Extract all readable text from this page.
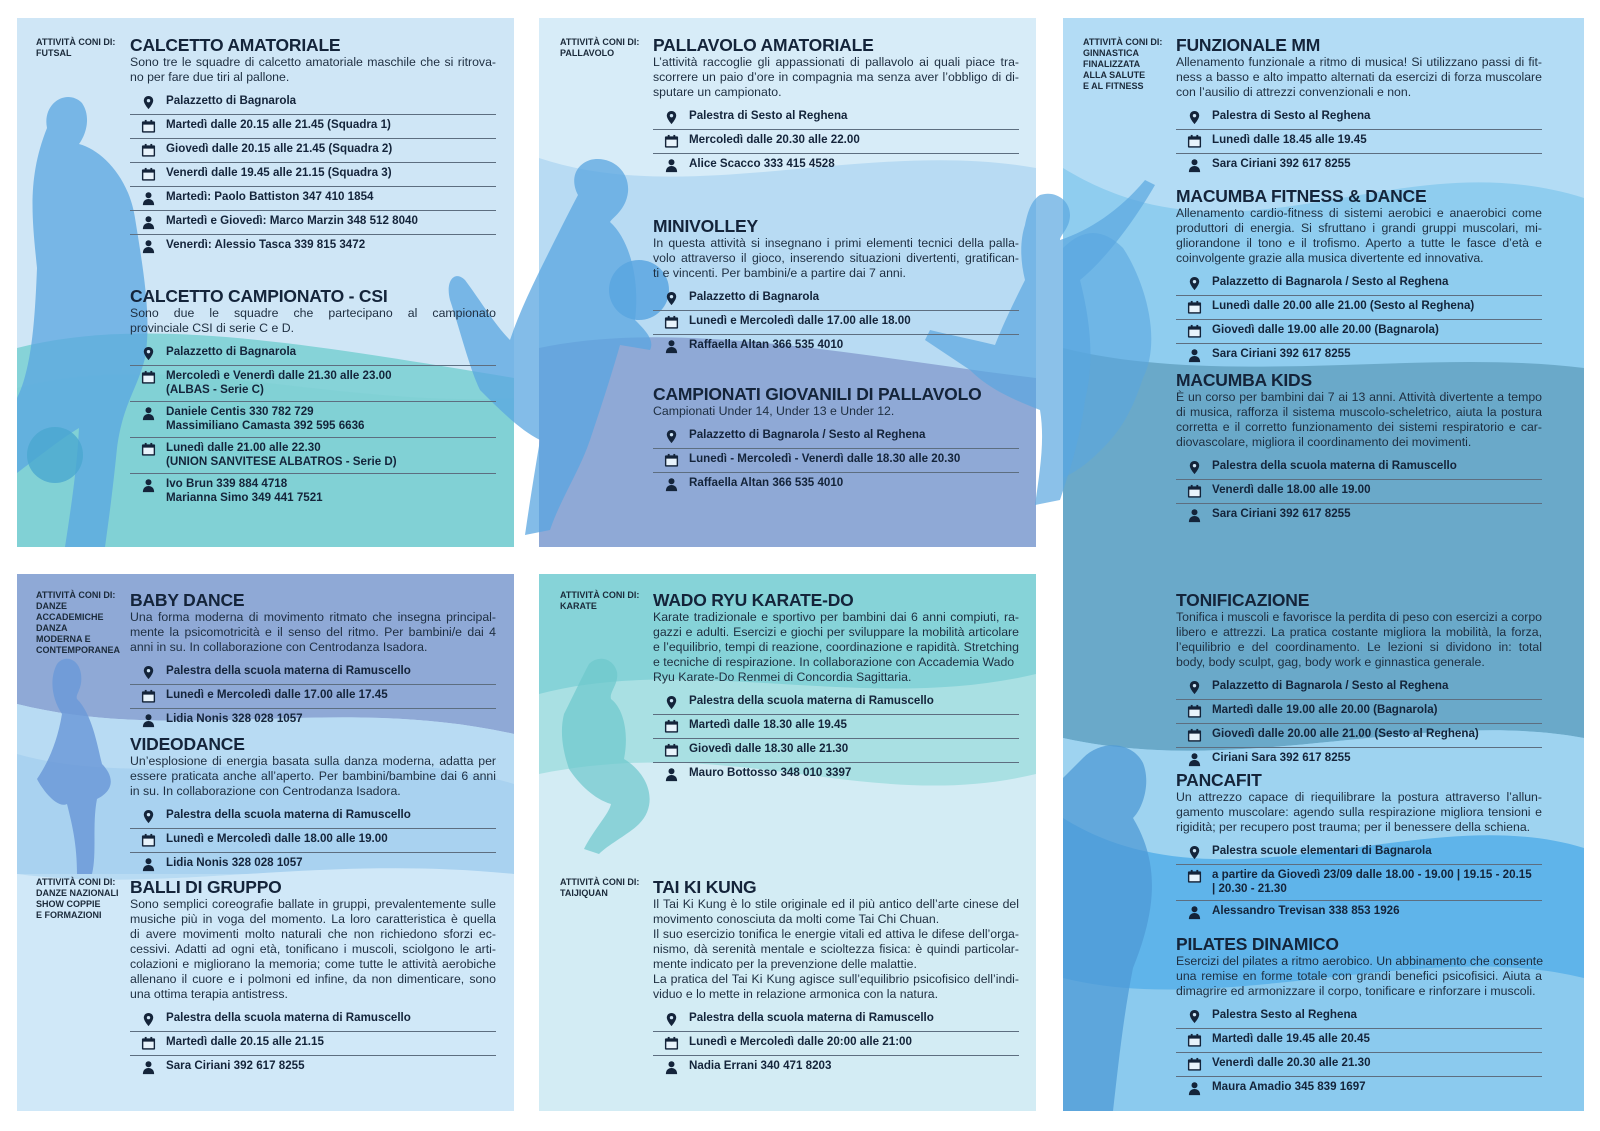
ATTIVITÀ CONI DI:
FUTSAL	CALCETTO AMATORIALE

Sono tre le squadre di calcetto amatoriale maschile che si ritrova-
no per fare due tiri al pallone.

Palazzetto di Bagnarola
Martedì dalle 20.15 alle 21.45 (Squadra 1)
Giovedì dalle 20.15 alle 21.45 (Squadra 2)
Venerdì dalle 19.45 alle 21.15 (Squadra 3)
Martedì: Paolo Battiston 347 410 1854
Martedì e Giovedì: Marco Marzin 348 512 8040
Venerdì: Alessio Tasca 339 815 3472
CALCETTO CAMPIONATO - CSI

Sono due le squadre che partecipano al campionato
provinciale CSI di serie C e D.

Palazzetto di Bagnarola
Mercoledì e Venerdì dalle 21.30 alle 23.00
(ALBAS - Serie C)
Daniele Centis 330 782 729
Massimiliano Camasta 392 595 6636
Lunedì dalle 21.00 alle 22.30
(UNION SANVITESE ALBATROS - Serie D)
Ivo Brun 339 884 4718
Marianna Simo 349 441 7521
ATTIVITÀ CONI DI:
PALLAVOLO	PALLAVOLO AMATORIALE

L’attività raccoglie gli appassionati di pallavolo ai quali piace tra-
scorrere un paio d’ore in compagnia ma senza aver l’obbligo di di-
sputare un campionato.

Palestra di Sesto al Reghena
Mercoledì dalle 20.30 alle 22.00
Alice Scacco 333 415 4528
MINIVOLLEY

In questa attività si insegnano i primi elementi tecnici della palla-
volo attraverso il gioco, inserendo situazioni divertenti, gratifican-
ti e vincenti. Per bambini/e a partire dai 7 anni.

Palazzetto di Bagnarola
Lunedì e Mercoledì dalle 17.00 alle 18.00
Raffaella Altan 366 535 4010
CAMPIONATI GIOVANILI DI PALLAVOLO

Campionati Under 14, Under 13 e Under 12.

Palazzetto di Bagnarola / Sesto al Reghena
Lunedì - Mercoledì - Venerdì dalle 18.30 alle 20.30
Raffaella Altan 366 535 4010
ATTIVITÀ CONI DI:
GINNASTICA
FINALIZZATA
ALLA SALUTE
E AL FITNESS
FUNZIONALE MM

Allenamento funzionale a ritmo di musica! Si utilizzano passi di fit-
ness a basso e alto impatto alternati da esercizi di forza muscolare
con l’ausilio di attrezzi convenzionali e non.

Palestra di Sesto al Reghena
Lunedì dalle 18.45 alle 19.45
Sara Ciriani 392 617 8255
MACUMBA FITNESS & DANCE

Allenamento cardio-fitness di sistemi aerobici e anaerobici come
produttori di energia. Si sfruttano i grandi gruppi muscolari, mi-
gliorandone il tono e il trofismo. Aperto a tutte le fasce d’età e
coinvolgente grazie alla musica divertente ed innovativa.

Palazzetto di Bagnarola / Sesto al Reghena
Lunedì dalle 20.00 alle 21.00 (Sesto al Reghena)
Giovedì dalle 19.00 alle 20.00 (Bagnarola)
Sara Ciriani 392 617 8255
MACUMBA KIDS

È un corso per bambini dai 7 ai 13 anni. Attività divertente a tempo
di musica, rafforza il sistema muscolo-scheletrico, aiuta la postura
corretta e il corretto funzionamento dei sistemi respiratorio e car-
diovascolare, migliora il coordinamento dei movimenti.

Palestra della scuola materna di Ramuscello
Venerdì dalle 18.00 alle 19.00
Sara Ciriani 392 617 8255
TONIFICAZIONE

Tonifica i muscoli e favorisce la perdita di peso con esercizi a corpo
libero e attrezzi. La pratica costante migliora la mobilità, la forza,
l’equilibrio e del coordinamento. Le lezioni si dividono in: total
body, body sculpt, gag, body work e ginnastica generale.

Palazzetto di Bagnarola / Sesto al Reghena
Martedì dalle 19.00 alle 20.00 (Bagnarola)
Giovedì dalle 20.00 alle 21.00 (Sesto al Reghena)
Ciriani Sara 392 617 8255
PANCAFIT

Un attrezzo capace di riequilibrare la postura attraverso l’allun-
gamento muscolare: agendo sulla respirazione migliora tensioni e
rigidità; per recupero post trauma; per il benessere della schiena.

Palestra scuole elementari di Bagnarola
a partire da Giovedì 23/09 dalle 18.00 - 19.00 | 19.15 - 20.15
| 20.30 - 21.30
Alessandro Trevisan 338 853 1926
PILATES DINAMICO

Esercizi del pilates a ritmo aerobico. Un abbinamento che consente
una remise en forme totale con grandi benefici psicofisici. Aiuta a
dimagrire ed armonizzare il corpo, tonificare e rinforzare i muscoli.

Palestra Sesto al Reghena
Martedì dalle 19.45 alle 20.45
Venerdì dalle 20.30 alle 21.30
Maura Amadio 345 839 1697
ATTIVITÀ CONI DI:
DANZE
ACCADEMICHE
DANZA
MODERNA E
CONTEMPORANEA
ATTIVITÀ CONI DI:
DANZE NAZIONALI
SHOW COPPIE
E FORMAZIONI
BABY DANCE

Una forma moderna di movimento ritmato che insegna principal-
mente la psicomotricità e il senso del ritmo. Per bambini/e dai 4
anni in su. In collaborazione con Centrodanza Isadora.

Palestra della scuola materna di Ramuscello
Lunedì e Mercoledì dalle 17.00 alle 17.45
Lidia Nonis 328 028 1057
VIDEODANCE

Un’esplosione di energia basata sulla danza moderna, adatta per
essere praticata anche all’aperto. Per bambini/bambine dai 6 anni
in su. In collaborazione con Centrodanza Isadora.

Palestra della scuola materna di Ramuscello
Lunedì e Mercoledì dalle 18.00 alle 19.00
Lidia Nonis 328 028 1057
BALLI DI GRUPPO

Sono semplici coreografie ballate in gruppi, prevalentemente sulle
musiche più in voga del momento. La loro caratteristica è quella
di avere movimenti molto naturali che non richiedono sforzi ec-
cessivi. Adatti ad ogni età, tonificano i muscoli, sciolgono le arti-
colazioni e migliorano la memoria; come tutte le attività aerobiche
allenano il cuore e i polmoni ed infine, da non dimenticare, sono
una ottima terapia antistress.

Palestra della scuola materna di Ramuscello
Martedì dalle 20.15 alle 21.15
Sara Ciriani 392 617 8255
ATTIVITÀ CONI DI:
KARATE
ATTIVITÀ CONI DI:
TAIJIQUAN
WADO RYU KARATE-DO

Karate tradizionale e sportivo per bambini dai 6 anni compiuti, ra-
gazzi e adulti. Esercizi e giochi per sviluppare la mobilità articolare
e l’equilibrio, tempi di reazione, coordinazione e rapidità. Stretching
e tecniche di respirazione. In collaborazione con Accademia Wado
Ryu Karate-Do Renmei di Concordia Sagittaria.

Palestra della scuola materna di Ramuscello
Martedì dalle 18.30 alle 19.45
Giovedì dalle 18.30 alle 21.30
Mauro Bottosso 348 010 3397
TAI KI KUNG

Il Tai Ki Kung è lo stile originale ed il più antico dell’arte cinese del
movimento conosciuta da molti come Tai Chi Chuan.
Il suo esercizio tonifica le energie vitali ed attiva le difese dell’orga-
nismo, dà serenità mentale e scioltezza fisica: è quindi particolar-
mente indicato per la prevenzione delle malattie.
La pratica del Tai Ki Kung agisce sull’equilibrio psicofisico dell’indi-
viduo e lo mette in relazione armonica con la natura.

Palestra della scuola materna di Ramuscello
Lunedì e Mercoledì dalle 20:00 alle 21:00
Nadia Errani 340 471 8203
